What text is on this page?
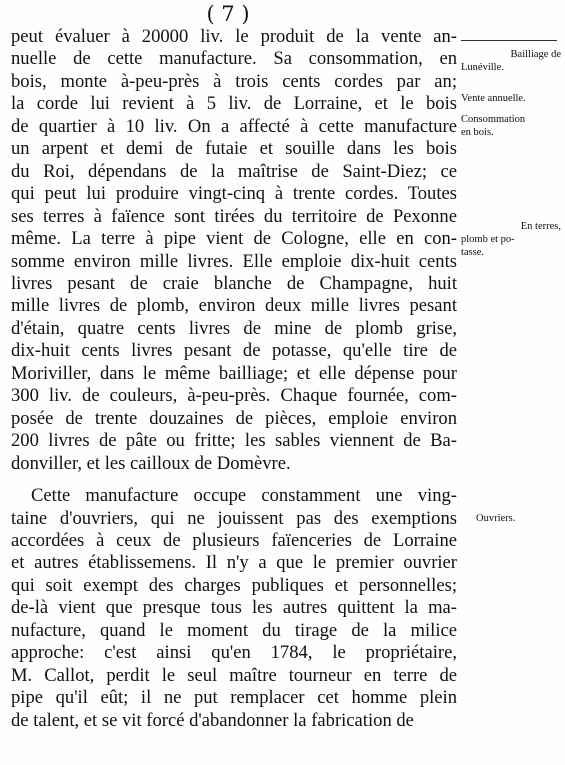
( 7 )
peut évaluer à 20000 liv. le produit de la vente an-
nuelle de cette manufacture. Sa consommation, en
bois, monte à-peu-près à trois cents cordes par an;
la corde lui revient à 5 liv. de Lorraine, et le bois
de quartier à 10 liv. On a affecté à cette manufacture
un arpent et demi de futaie et souille dans les bois
du Roi, dépendans de la maîtrise de Saint-Diez; ce
qui peut lui produire vingt-cinq à trente cordes. Toutes
ses terres à faïence sont tirées du territoire de Pexonne
même. La terre à pipe vient de Cologne, elle en con-
somme environ mille livres. Elle emploie dix-huit cents
livres pesant de craie blanche de Champagne, huit
mille livres de plomb, environ deux mille livres pesant
d'étain, quatre cents livres de mine de plomb grise,
dix-huit cents livres pesant de potasse, qu'elle tire de
Moriviller, dans le même bailliage; et elle dépense pour
300 liv. de couleurs, à-peu-près. Chaque fournée, com-
posée de trente douzaines de pièces, emploie environ
200 livres de pâte ou fritte; les sables viennent de Ba-
donviller, et les cailloux de Domèvre.
Cette manufacture occupe constamment une ving-
taine d'ouvriers, qui ne jouissent pas des exemptions
accordées à ceux de plusieurs faïenceries de Lorraine
et autres établissemens. Il n'y a que le premier ouvrier
qui soit exempt des charges publiques et personnelles;
de-là vient que presque tous les autres quittent la ma-
nufacture, quand le moment du tirage de la milice
approche: c'est ainsi qu'en 1784, le propriétaire,
M. Callot, perdit le seul maître tourneur en terre de
pipe qu'il eût; il ne put remplacer cet homme plein
de talent, et se vit forcé d'abandonner la fabrication de
Bailliage de
Lunéville.
Vente annuelle.
Consommation
en bois.
En terres,
plomb et po-
tasse.
Ouvriers.
